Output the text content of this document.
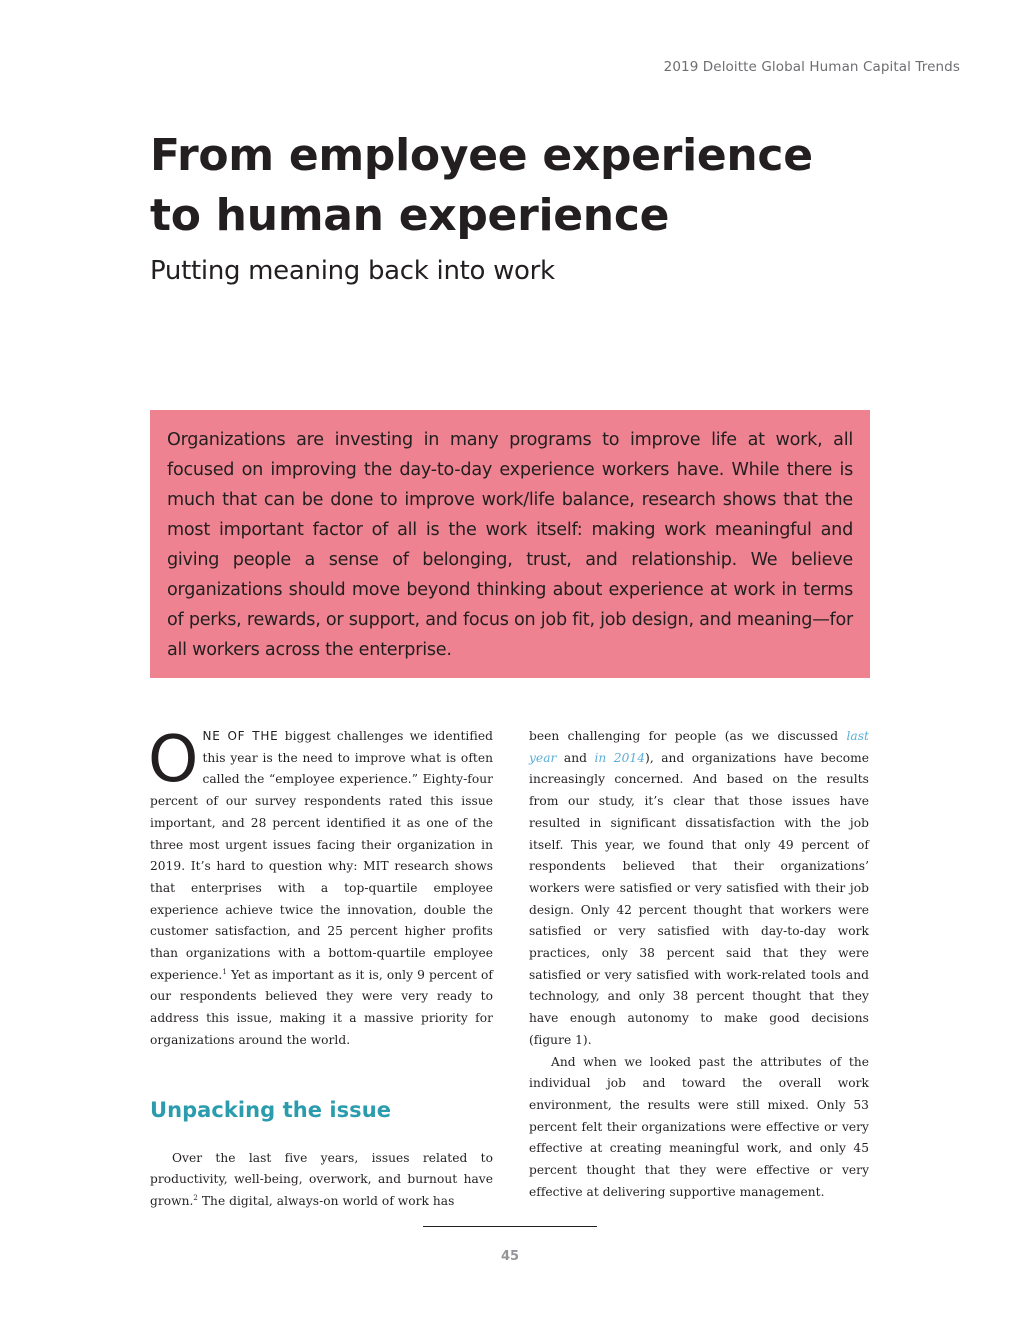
2019 Deloitte Global Human Capital Trends
From employee experience
to human experience
Putting meaning back into work

Organizations are investing in many programs to improve life at work, all focused on improving the day-to-day experience workers have. While there is much that can be done to improve work/life balance, research shows that the most important factor of all is the work itself: making work meaningful and giving people a sense of belonging, trust, and relationship. We believe organizations should move beyond thinking about experience at work in terms of perks, rewards, or support, and focus on job fit, job design, and meaning—for all workers across the enterprise.

ONE OF THE biggest challenges we identified this year is the need to improve what is often called the “employee experience.” Eighty-four percent of our survey respondents rated this issue important, and 28 percent identified it as one of the three most urgent issues facing their organization in 2019. It’s hard to question why: MIT research shows that enterprises with a top-quartile employee experience achieve twice the innovation, double the customer satisfaction, and 25 percent higher profits than organizations with a bottom-quartile employee experience.$^1$ Yet as important as it is, only 9 percent of our respondents believed they were very ready to address this issue, making it a massive priority for organizations around the world.

Unpacking the issue

Over the last five years, issues related to productivity, well-being, overwork, and burnout have grown.$^2$ The digital, always-on world of work has

been challenging for people (as we discussed last year and in 2014), and organizations have become increasingly concerned. And based on the results from our study, it’s clear that those issues have resulted in significant dissatisfaction with the job itself. This year, we found that only 49 percent of respondents believed that their organizations’ workers were satisfied or very satisfied with their job design. Only 42 percent thought that workers were satisfied or very satisfied with day-to-day work practices, only 38 percent said that they were satisfied or very satisfied with work-related tools and technology, and only 38 percent thought that they have enough autonomy to make good decisions (figure 1).

And when we looked past the attributes of the individual job and toward the overall work environment, the results were still mixed. Only 53 percent felt their organizations were effective or very effective at creating meaningful work, and only 45 percent thought that they were effective or very effective at delivering supportive management.

45
